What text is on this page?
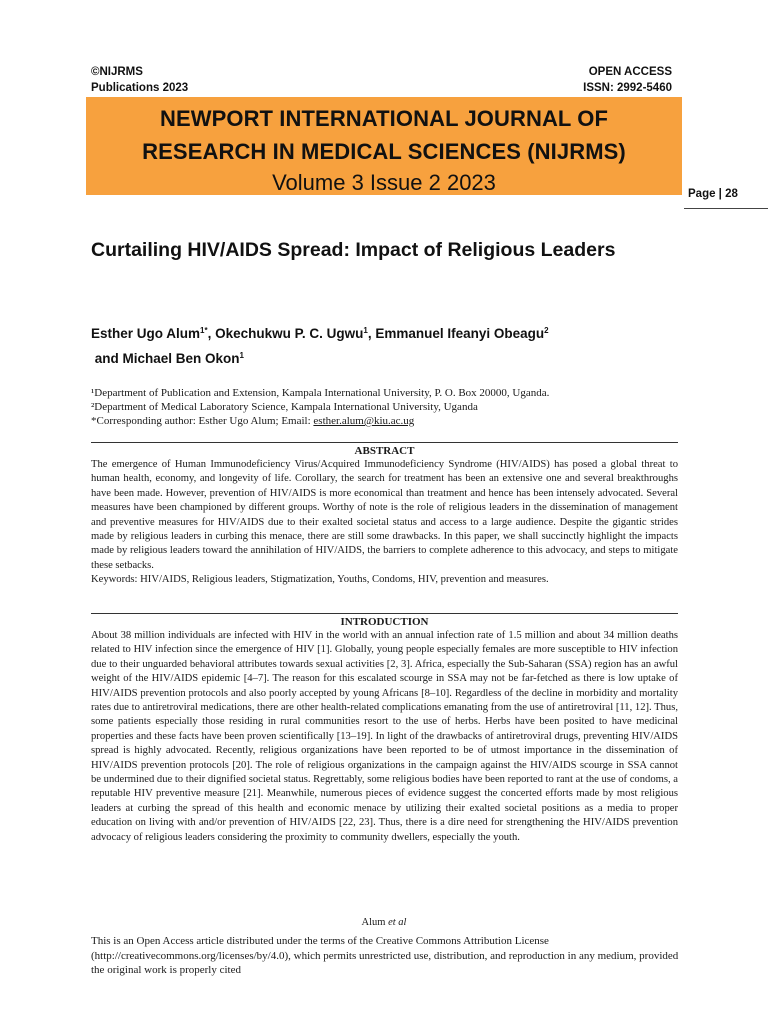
©NIJRMS
Publications 2023
OPEN ACCESS
ISSN: 2992-5460
NEWPORT INTERNATIONAL JOURNAL OF
RESEARCH IN MEDICAL SCIENCES (NIJRMS)
Volume 3 Issue 2 2023	Page | 28
Curtailing HIV/AIDS Spread: Impact of Religious Leaders
Esther Ugo Alum$^{1*}$, Okechukwu P. C. Ugwu$^1$, Emmanuel Ifeanyi Obeagu$^2$
and Michael Ben Okon$^1$
¹Department of Publication and Extension, Kampala International University, P. O. Box 20000, Uganda.
²Department of Medical Laboratory Science, Kampala International University, Uganda
*Corresponding author: Esther Ugo Alum; Email: esther.alum@kiu.ac.ug
ABSTRACT

The emergence of Human Immunodeficiency Virus/Acquired Immunodeficiency Syndrome (HIV/AIDS) has posed a global threat to human health, economy, and longevity of life. Corollary, the search for treatment has been an extensive one and several breakthroughs have been made. However, prevention of HIV/AIDS is more economical than treatment and hence has been intensely advocated. Several measures have been championed by different groups. Worthy of note is the role of religious leaders in the dissemination of management and preventive measures for HIV/AIDS due to their exalted societal status and access to a large audience. Despite the gigantic strides made by religious leaders in curbing this menace, there are still some drawbacks. In this paper, we shall succinctly highlight the impacts made by religious leaders toward the annihilation of HIV/AIDS, the barriers to complete adherence to this advocacy, and steps to mitigate these setbacks.

Keywords: HIV/AIDS, Religious leaders, Stigmatization, Youths, Condoms, HIV, prevention and measures.

INTRODUCTION

About 38 million individuals are infected with HIV in the world with an annual infection rate of 1.5 million and about 34 million deaths related to HIV infection since the emergence of HIV [1]. Globally, young people especially females are more susceptible to HIV infection due to their unguarded behavioral attributes towards sexual activities [2, 3]. Africa, especially the Sub-Saharan (SSA) region has an awful weight of the HIV/AIDS epidemic [4–7]. The reason for this escalated scourge in SSA may not be far-fetched as there is low uptake of HIV/AIDS prevention protocols and also poorly accepted by young Africans [8–10]. Regardless of the decline in morbidity and mortality rates due to antiretroviral medications, there are other health-related complications emanating from the use of antiretroviral [11, 12]. Thus, some patients especially those residing in rural communities resort to the use of herbs. Herbs have been posited to have medicinal properties and these facts have been proven scientifically [13–19]. In light of the drawbacks of antiretroviral drugs, preventing HIV/AIDS spread is highly advocated. Recently, religious organizations have been reported to be of utmost importance in the dissemination of HIV/AIDS prevention protocols [20]. The role of religious organizations in the campaign against the HIV/AIDS scourge in SSA cannot be undermined due to their dignified societal status. Regrettably, some religious bodies have been reported to rant at the use of condoms, a reputable HIV preventive measure [21]. Meanwhile, numerous pieces of evidence suggest the concerted efforts made by most religious leaders at curbing the spread of this health and economic menace by utilizing their exalted societal positions as a media to proper education on living with and/or prevention of HIV/AIDS [22, 23]. Thus, there is a dire need for strengthening the HIV/AIDS prevention advocacy of religious leaders considering the proximity to community dwellers, especially the youth.

Alum et al
This is an Open Access article distributed under the terms of the Creative Commons Attribution License (http://creativecommons.org/licenses/by/4.0), which permits unrestricted use, distribution, and reproduction in any medium, provided the original work is properly cited
